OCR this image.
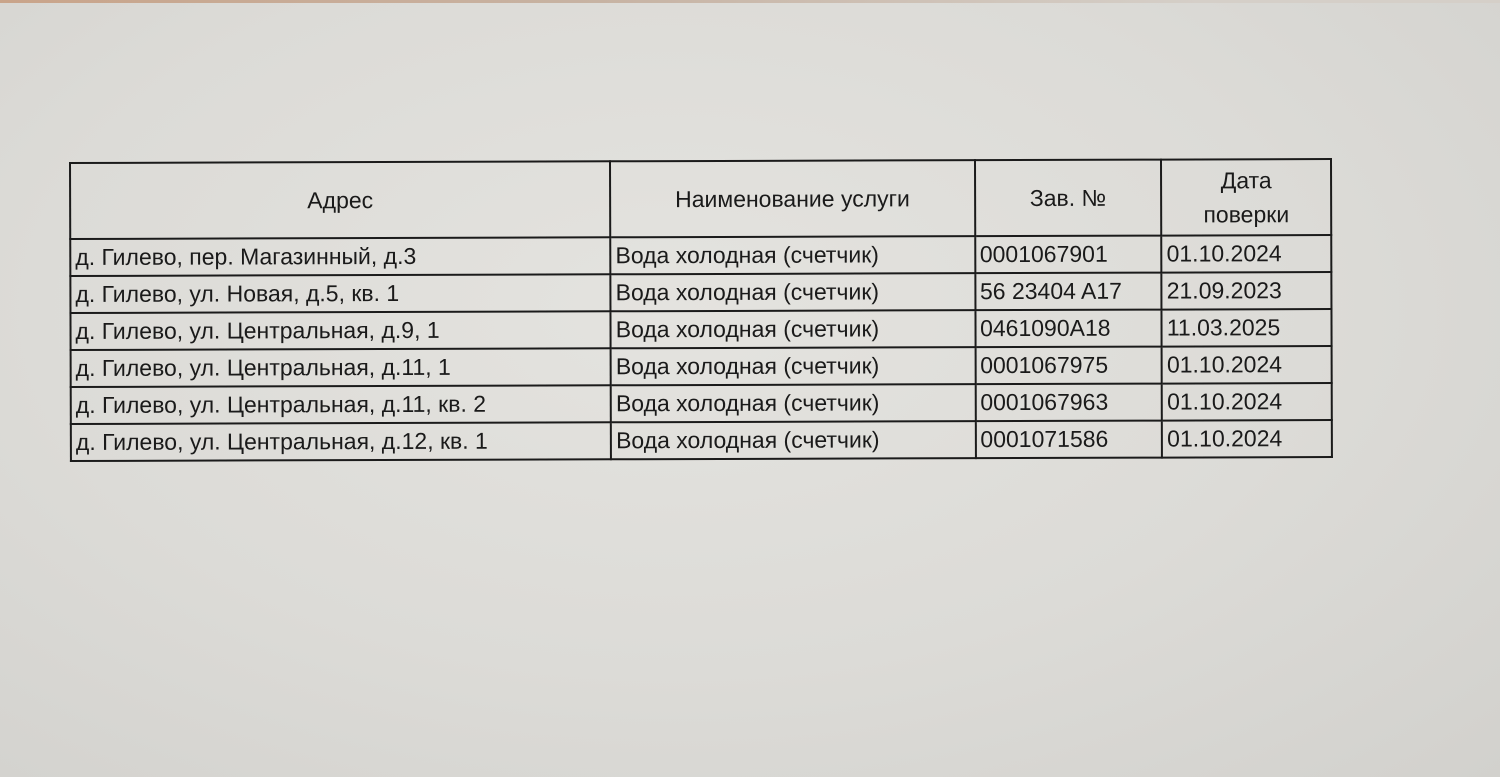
Адрес	Наименование услуги	Зав. №	Дата
поверки
д. Гилево, пер. Магазинный, д.3	Вода холодная (счетчик)	0001067901	01.10.2024
д. Гилево, ул. Новая, д.5, кв. 1	Вода холодная (счетчик)	56 23404 A17	21.09.2023
д. Гилево, ул. Центральная, д.9, 1	Вода холодная (счетчик)	0461090A18	11.03.2025
д. Гилево, ул. Центральная, д.11, 1	Вода холодная (счетчик)	0001067975	01.10.2024
д. Гилево, ул. Центральная, д.11, кв. 2	Вода холодная (счетчик)	0001067963	01.10.2024
д. Гилево, ул. Центральная, д.12, кв. 1	Вода холодная (счетчик)	0001071586	01.10.2024
